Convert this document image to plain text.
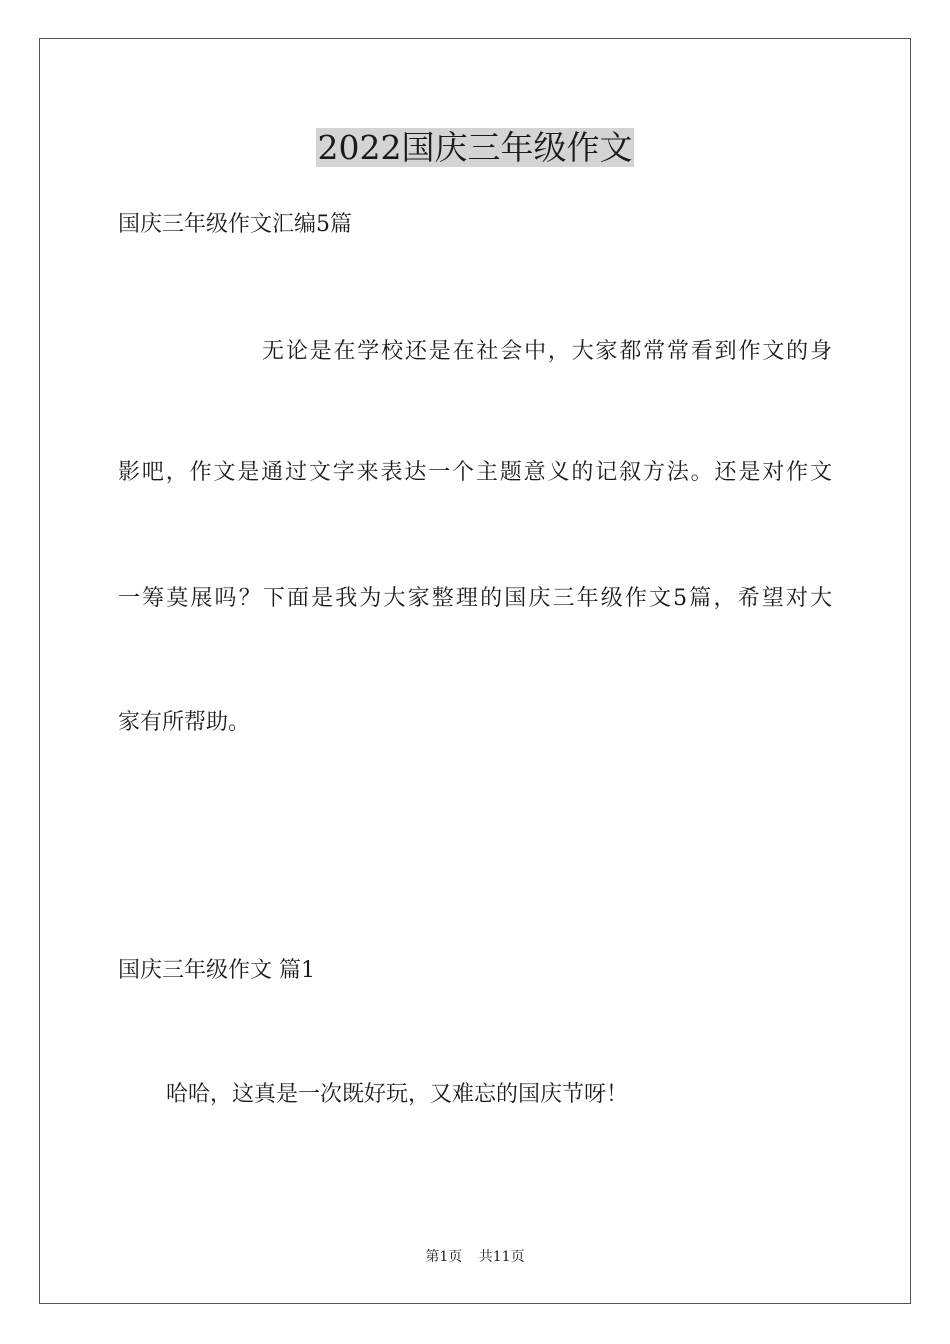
2022国庆三年级作文

国庆三年级作文汇编5篇

无论是在学校还是在社会中，大家都常常看到作文的身

影吧，作文是通过文字来表达一个主题意义的记叙方法。还是对作文

一筹莫展吗？下面是我为大家整理的国庆三年级作文5篇，希望对大

家有所帮助。

国庆三年级作文 篇1

哈哈，这真是一次既好玩，又难忘的国庆节呀！

第1页 共11页
